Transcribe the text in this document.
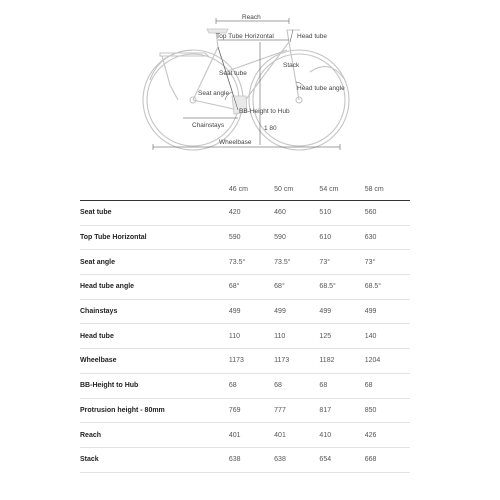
Reach
Top Tube Horizontal	Head tube
Seat tube
Stack
Seat angle
Head tube angle
BB-Height to Hub
Chainstays	1 80
Wheelbase
	46 cm	50 cm	54 cm	58 cm
Seat tube	420	460	510	560
Top Tube Horizontal	590	590	610	630
Seat angle	73.5°	73.5°	73°	73°
Head tube angle	68°	68°	68.5°	68.5°
Chainstays	499	499	499	499
Head tube	110	110	125	140
Wheelbase	1173	1173	1182	1204
BB-Height to Hub	68	68	68	68
Protrusion height - 80mm	769	777	817	850
Reach	401	401	410	426
Stack	638	638	654	668
